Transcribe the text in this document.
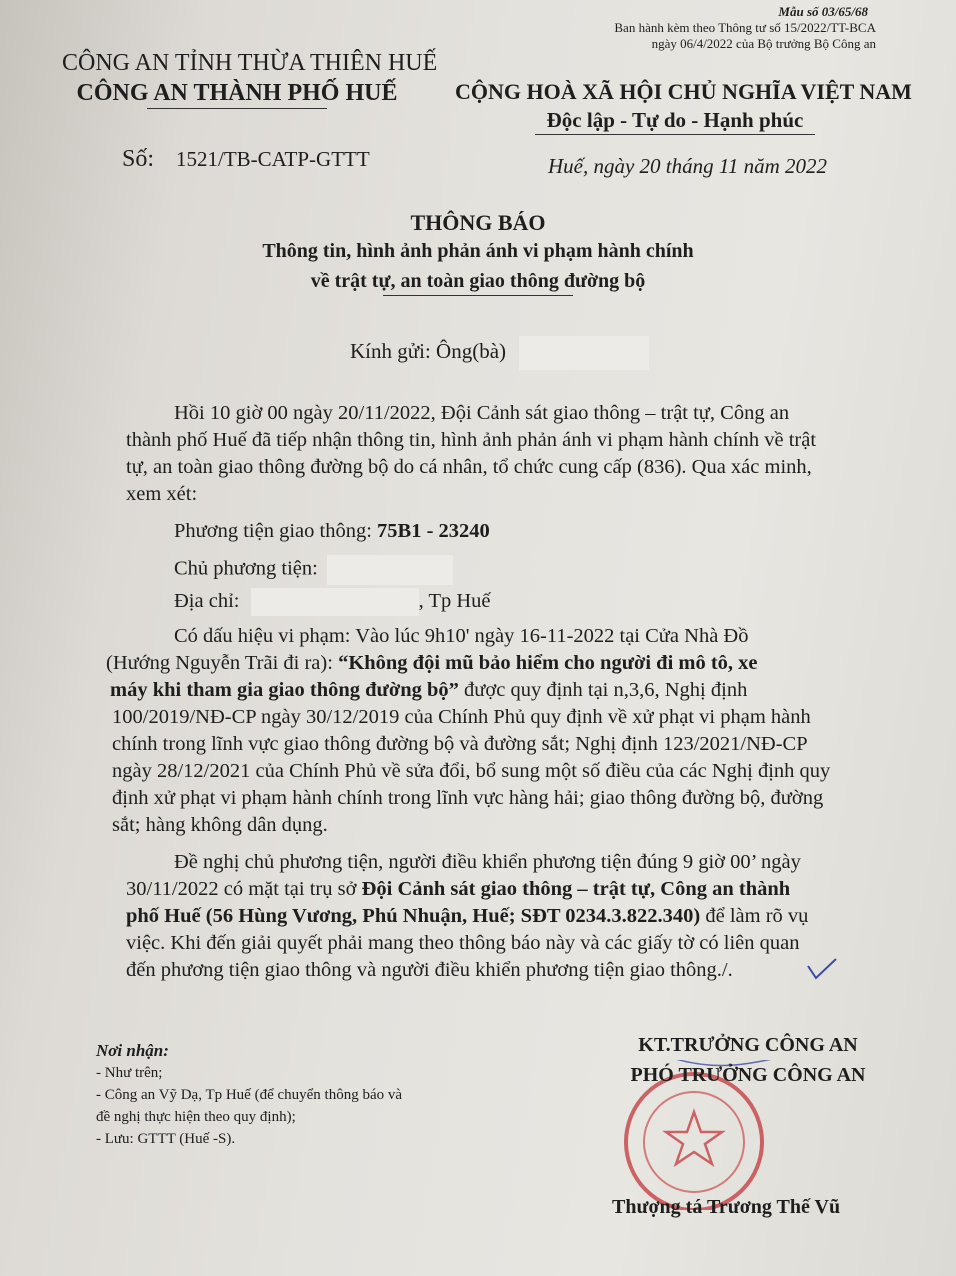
Mẫu số 03/65/68
Ban hành kèm theo Thông tư số 15/2022/TT-BCA
ngày 06/4/2022 của Bộ trưởng Bộ Công an
CÔNG AN TỈNH THỪA THIÊN HUẾ
CÔNG AN THÀNH PHỐ HUẾ	CỘNG HOÀ XÃ HỘI CHỦ NGHĨA VIỆT NAM
Độc lập - Tự do - Hạnh phúc
Số: 1521/TB-CATP-GTTT	Huế, ngày 20 tháng 11 năm 2022
THÔNG BÁO
Thông tin, hình ảnh phản ánh vi phạm hành chính
về trật tự, an toàn giao thông đường bộ
Kính gửi: Ông(bà)
Hồi 10 giờ 00 ngày 20/11/2022, Đội Cảnh sát giao thông – trật tự, Công an
thành phố Huế đã tiếp nhận thông tin, hình ảnh phản ánh vi phạm hành chính về trật
tự, an toàn giao thông đường bộ do cá nhân, tổ chức cung cấp (836). Qua xác minh,
xem xét:
Phương tiện giao thông: 75B1 - 23240
Chủ phương tiện:
Địa chỉ:	, Tp Huế
Có dấu hiệu vi phạm: Vào lúc 9h10' ngày 16-11-2022 tại Cửa Nhà Đồ
(Hướng Nguyễn Trãi đi ra): “Không đội mũ bảo hiểm cho người đi mô tô, xe
máy khi tham gia giao thông đường bộ” được quy định tại n,3,6, Nghị định
100/2019/NĐ-CP ngày 30/12/2019 của Chính Phủ quy định về xử phạt vi phạm hành
chính trong lĩnh vực giao thông đường bộ và đường sắt; Nghị định 123/2021/NĐ-CP
ngày 28/12/2021 của Chính Phủ về sửa đổi, bổ sung một số điều của các Nghị định quy
định xử phạt vi phạm hành chính trong lĩnh vực hàng hải; giao thông đường bộ, đường
sắt; hàng không dân dụng.
Đề nghị chủ phương tiện, người điều khiển phương tiện đúng 9 giờ 00’ ngày
30/11/2022 có mặt tại trụ sở Đội Cảnh sát giao thông – trật tự, Công an thành
phố Huế (56 Hùng Vương, Phú Nhuận, Huế; SĐT 0234.3.822.340) để làm rõ vụ
việc. Khi đến giải quyết phải mang theo thông báo này và các giấy tờ có liên quan
đến phương tiện giao thông và người điều khiển phương tiện giao thông./.
Nơi nhận:
- Như trên;
- Công an Vỹ Dạ, Tp Huế (để chuyển thông báo và
đề nghị thực hiện theo quy định);
- Lưu: GTTT (Huế -S).
KT.TRƯỞNG CÔNG AN
PHÓ TRƯỞNG CÔNG AN
Thượng tá Trương Thế Vũ
